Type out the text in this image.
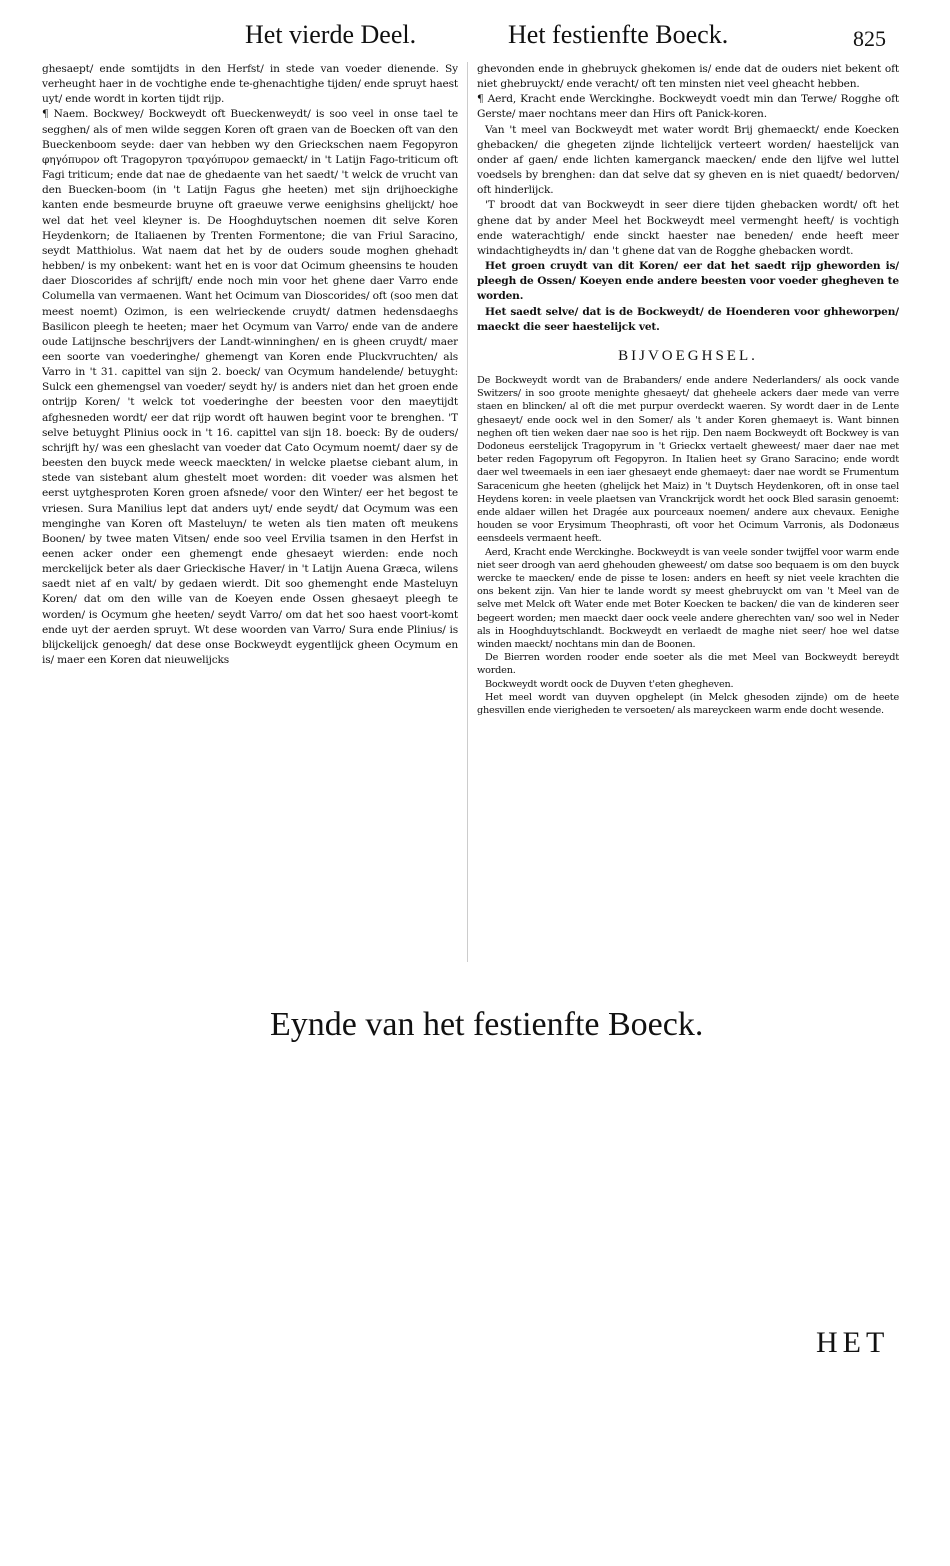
Het vierde Deel.	Het festienfte Boeck.	825

ghesaept/ ende somtijdts in den Herfst/ in stede van voeder dienende. Sy verheught haer in de vochtighe ende te-ghenachtighe tijden/ ende spruyt haest uyt/ ende wordt in korten tijdt rijp.

¶ Naem. Bockwey/ Bockweydt oft Bueckenweydt/ is soo veel in onse tael te segghen/ als of men wilde seggen Koren oft graen van de Boecken oft van den Bueckenboom seyde: daer van hebben wy den Grieckschen naem Fegopyron φηγόπυρον oft Tragopyron τραγόπυρον gemaeckt/ in 't Latijn Fago-triticum oft Fagi triticum; ende dat nae de ghedaente van het saedt/ 't welck de vrucht van den Buecken-boom (in 't Latijn Fagus ghe heeten) met sijn drijhoeckighe kanten ende besmeurde bruyne oft graeuwe verwe eenighsins ghelijckt/ hoe wel dat het veel kleyner is. De Hooghduytschen noemen dit selve Koren Heydenkorn; de Italiaenen by Trenten Formentone; die van Friul Saracino, seydt Matthiolus. Wat naem dat het by de ouders soude moghen ghehadt hebben/ is my onbekent: want het en is voor dat Ocimum gheensins te houden daer Dioscorides af schrijft/ ende noch min voor het ghene daer Varro ende Columella van vermaenen. Want het Ocimum van Dioscorides/ oft (soo men dat meest noemt) Ozimon, is een welrieckende cruydt/ datmen hedensdaeghs Basilicon pleegh te heeten; maer het Ocymum van Varro/ ende van de andere oude Latijnsche beschrijvers der Landt-winninghen/ en is gheen cruydt/ maer een soorte van voederinghe/ ghemengt van Koren ende Pluckvruchten/ als Varro in 't 31. capittel van sijn 2. boeck/ van Ocymum handelende/ betuyght: Sulck een ghemengsel van voeder/ seydt hy/ is anders niet dan het groen ende ontrijp Koren/ 't welck tot voederinghe der beesten voor den maeytijdt afghesneden wordt/ eer dat rijp wordt oft hauwen begint voor te brenghen. 'T selve betuyght Plinius oock in 't 16. capittel van sijn 18. boeck: By de ouders/ schrijft hy/ was een gheslacht van voeder dat Cato Ocymum noemt/ daer sy de beesten den buyck mede weeck maeckten/ in welcke plaetse ciebant alum, in stede van sistebant alum ghestelt moet worden: dit voeder was alsmen het eerst uytghesproten Koren groen afsnede/ voor den Winter/ eer het begost te vriesen. Sura Manilius lept dat anders uyt/ ende seydt/ dat Ocymum was een menginghe van Koren oft Masteluyn/ te weten als tien maten oft meukens Boonen/ by twee maten Vitsen/ ende soo veel Ervilia tsamen in den Herfst in eenen acker onder een ghemengt ende ghesaeyt wierden: ende noch merckelijck beter als daer Grieckische Haver/ in 't Latijn Auena Græca, wilens saedt niet af en valt/ by gedaen wierdt. Dit soo ghemenght ende Masteluyn Koren/ dat om den wille van de Koeyen ende Ossen ghesaeyt pleegh te worden/ is Ocymum ghe heeten/ seydt Varro/ om dat het soo haest voort-komt ende uyt der aerden spruyt. Wt dese woorden van Varro/ Sura ende Plinius/ is blijckelijck genoegh/ dat dese onse Bockweydt eygentlijck gheen Ocymum en is/ maer een Koren dat nieuwelijcks

ghevonden ende in ghebruyck ghekomen is/ ende dat de ouders niet bekent oft niet ghebruyckt/ ende veracht/ oft ten minsten niet veel gheacht hebben.

¶ Aerd, Kracht ende Werckinghe. Bockweydt voedt min dan Terwe/ Rogghe oft Gerste/ maer nochtans meer dan Hirs oft Panick-koren.

Van 't meel van Bockweydt met water wordt Brij ghemaeckt/ ende Koecken ghebacken/ die ghegeten zijnde lichtelijck verteert worden/ haestelijck van onder af gaen/ ende lichten kamerganck maecken/ ende den lijfve wel luttel voedsels by brenghen: dan dat selve dat sy gheven en is niet quaedt/ bedorven/ oft hinderlijck.

'T broodt dat van Bockweydt in seer diere tijden ghebacken wordt/ oft het ghene dat by ander Meel het Bockweydt meel vermenght heeft/ is vochtigh ende waterachtigh/ ende sinckt haester nae beneden/ ende heeft meer windachtigheydts in/ dan 't ghene dat van de Rogghe ghebacken wordt.

Het groen cruydt van dit Koren/ eer dat het saedt rijp gheworden is/ pleegh de Ossen/ Koeyen ende andere beesten voor voeder ghegheven te worden.

Het saedt selve/ dat is de Bockweydt/ de Hoenderen voor ghheworpen/ maeckt die seer haestelijck vet.

BIJVOEGHSEL.

De Bockweydt wordt van de Brabanders/ ende andere Nederlanders/ als oock vande Switzers/ in soo groote menighte ghesaeyt/ dat gheheele ackers daer mede van verre staen en blincken/ al oft die met purpur overdeckt waeren. Sy wordt daer in de Lente ghesaeyt/ ende oock wel in den Somer/ als 't ander Koren ghemaeyt is. Want binnen neghen oft tien weken daer nae soo is het rijp. Den naem Bockweydt oft Bockwey is van Dodoneus eerstelijck Tragopyrum in 't Grieckx vertaelt gheweest/ maer daer nae met beter reden Fagopyrum oft Fegopyron. In Italien heet sy Grano Saracino; ende wordt daer wel tweemaels in een iaer ghesaeyt ende ghemaeyt: daer nae wordt se Frumentum Saracenicum ghe heeten (ghelijck het Maiz) in 't Duytsch Heydenkoren, oft in onse tael Heydens koren: in veele plaetsen van Vranckrijck wordt het oock Bled sarasin genoemt: ende aldaer willen het Dragée aux pourceaux noemen/ andere aux chevaux. Eenighe houden se voor Erysimum Theophrasti, oft voor het Ocimum Varronis, als Dodonæus eensdeels vermaent heeft.

Aerd, Kracht ende Werckinghe. Bockweydt is van veele sonder twijffel voor warm ende niet seer droogh van aerd ghehouden gheweest/ om datse soo bequaem is om den buyck wercke te maecken/ ende de pisse te losen: anders en heeft sy niet veele krachten die ons bekent zijn. Van hier te lande wordt sy meest ghebruyckt om van 't Meel van de selve met Melck oft Water ende met Boter Koecken te backen/ die van de kinderen seer begeert worden; men maeckt daer oock veele andere gherechten van/ soo wel in Neder als in Hooghduytschlandt. Bockweydt en verlaedt de maghe niet seer/ hoe wel datse winden maeckt/ nochtans min dan de Boonen.

De Bierren worden rooder ende soeter als die met Meel van Bockweydt bereydt worden.

Bockweydt wordt oock de Duyven t'eten ghegheven.

Het meel wordt van duyven opghelept (in Melck ghesoden zijnde) om de heete ghesvillen ende vierigheden te versoeten/ als mareyckeen warm ende docht wesende.

Eynde van het festienfte Boeck.
HET
